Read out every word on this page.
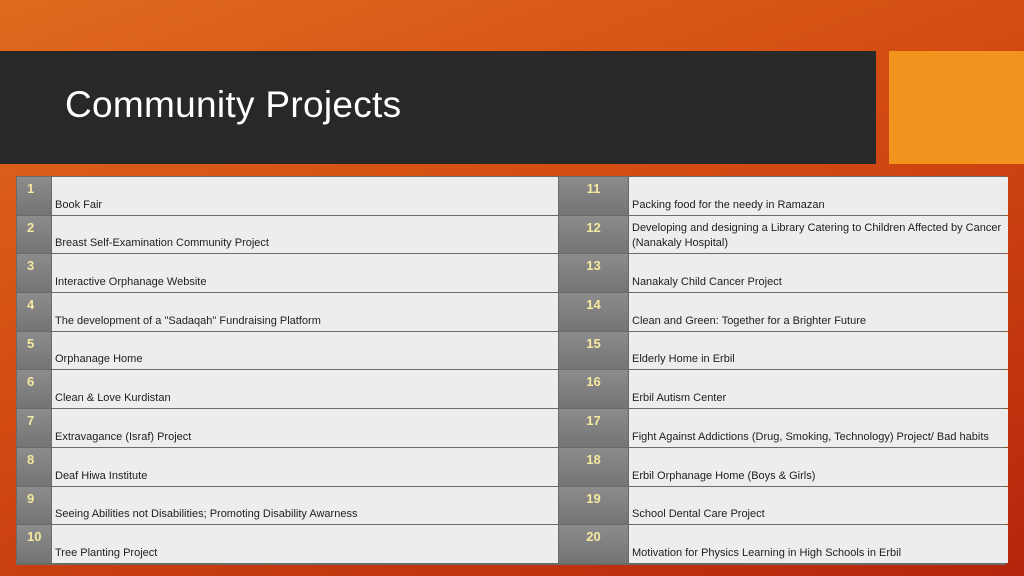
Community Projects
1
Book Fair
11
Packing food for the needy in Ramazan
2
Breast Self-Examination Community Project
12	Developing and designing a Library Catering to Children Affected by Cancer (Nanakaly Hospital)
3
Interactive Orphanage Website
13
Nanakaly Child Cancer Project
4
The development of a "Sadaqah" Fundraising Platform
14
Clean and Green: Together for a Brighter Future
5
Orphanage Home
15
Elderly Home in Erbil
6
Clean & Love Kurdistan
16
Erbil Autism Center
7
Extravagance (Israf) Project
17
Fight Against Addictions (Drug, Smoking, Technology) Project/ Bad habits
8
Deaf Hiwa Institute
18
Erbil Orphanage Home (Boys & Girls)
9
Seeing Abilities not Disabilities; Promoting Disability Awarness
19
School Dental Care Project
10
Tree Planting Project
20
Motivation for Physics Learning in High Schools in Erbil
